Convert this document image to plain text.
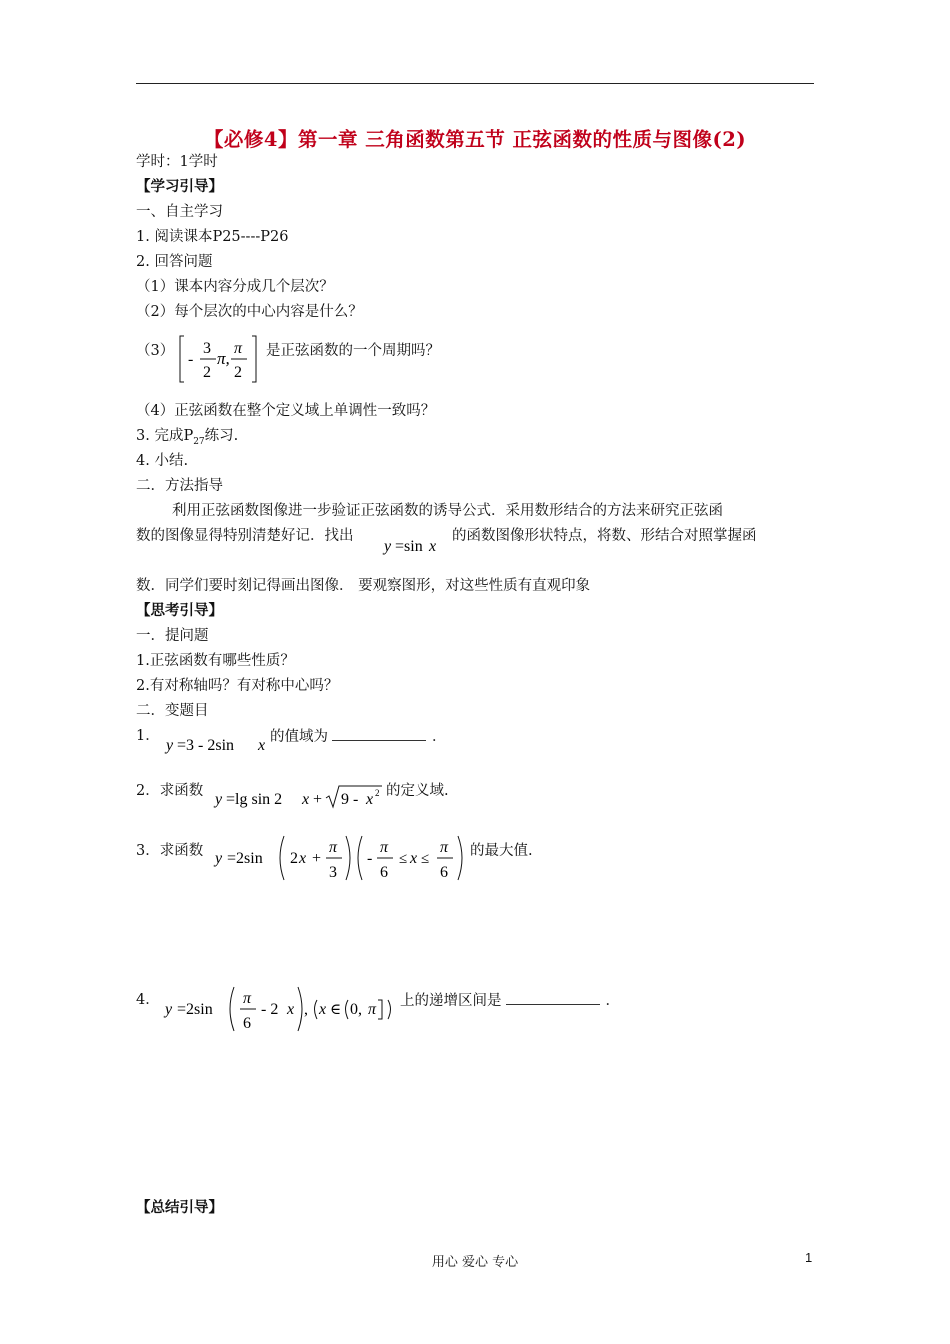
【必修4】第一章 三角函数第五节 正弦函数的性质与图像(2)
学时：1学时
【学习引导】
一、自主学习
1. 阅读课本P25----P26
2. 回答问题
（1）课本内容分成几个层次？
（2）每个层次的中心内容是什么？
（3） -
3
2
π,
π
2
是正弦函数的一个周期吗？
（4）正弦函数在整个定义域上单调性一致吗？
3. 完成$P_{27}$练习.
4. 小结.
二．方法指导
利用正弦函数图像进一步验证正弦函数的诱导公式．采用数形结合的方法来研究正弦函
数的图像显得特别清楚好记．找出
y =sin x
的函数图像形状特点，将数、形结合对照掌握函
数．同学们要时刻记得画出图像． 要观察图形，对这些性质有直观印象
【思考引导】
一．提问题
1.正弦函数有哪些性质？
2.有对称轴吗？有对称中心吗？
二．变题目
1．
y =3 - 2sin x 的值域为	．
2．求函数 y =lg sin 2 x + 9 - x 2 的定义域.
3．求函数 y =2sin 2 x +
π
3
-
π
6
≤ x ≤
π
6
的最大值.
4．
y =2sin
π
6
- 2 x , x ∈ 0, π 上的递增区间是	．
【总结引导】
用心 爱心 专心	1
